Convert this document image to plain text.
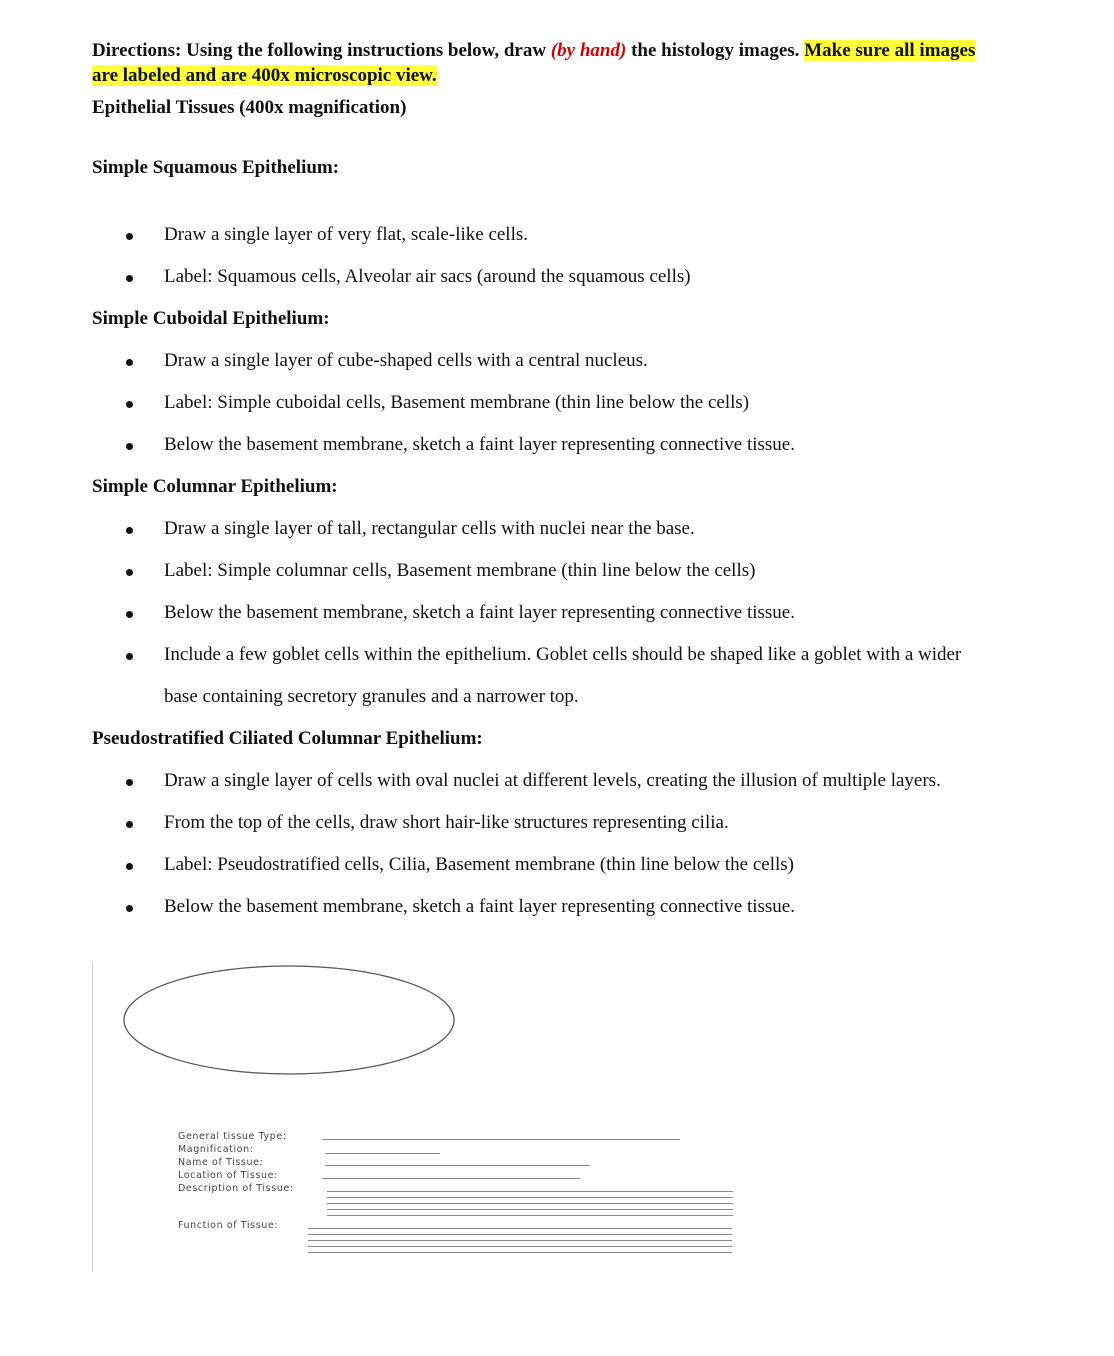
Directions: Using the following instructions below, draw (by hand) the histology images. Make sure all images
are labeled and are 400x microscopic view.
Epithelial Tissues (400x magnification)
Simple Squamous Epithelium:
Draw a single layer of very flat, scale-like cells.
Label: Squamous cells, Alveolar air sacs (around the squamous cells)
Simple Cuboidal Epithelium:
Draw a single layer of cube-shaped cells with a central nucleus.
Label: Simple cuboidal cells, Basement membrane (thin line below the cells)
Below the basement membrane, sketch a faint layer representing connective tissue.
Simple Columnar Epithelium:
Draw a single layer of tall, rectangular cells with nuclei near the base.
Label: Simple columnar cells, Basement membrane (thin line below the cells)
Below the basement membrane, sketch a faint layer representing connective tissue.
Include a few goblet cells within the epithelium. Goblet cells should be shaped like a goblet with a wider
base containing secretory granules and a narrower top.
Pseudostratified Ciliated Columnar Epithelium:
Draw a single layer of cells with oval nuclei at different levels, creating the illusion of multiple layers.
From the top of the cells, draw short hair-like structures representing cilia.
Label: Pseudostratified cells, Cilia, Basement membrane (thin line below the cells)
Below the basement membrane, sketch a faint layer representing connective tissue.
General tissue Type:
Magnification:
Name of Tissue:
Location of Tissue:
Description of Tissue:
Function of Tissue:
